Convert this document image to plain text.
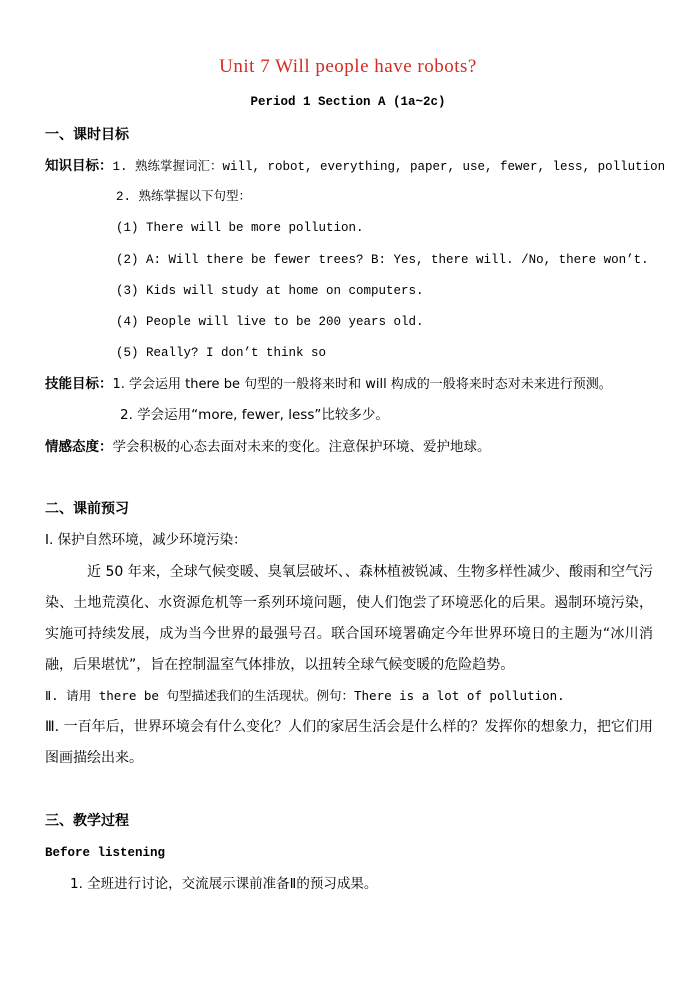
Unit 7 Will people have robots?
Period 1 Section A (1a~2c)
一、课时目标
知识目标：1. 熟练掌握词汇：will, robot, everything, paper, use, fewer, less, pollution
2. 熟练掌握以下句型：
(1) There will be more pollution.
(2) A: Will there be fewer trees? B: Yes, there will. /No, there won’t.
(3) Kids will study at home on computers.
(4) People will live to be 200 years old.
(5) Really? I don’t think so
技能目标：1. 学会运用 there be 句型的一般将来时和 will 构成的一般将来时态对未来进行预测。
2. 学会运用“more, fewer, less”比较多少。
情感态度：学会积极的心态去面对未来的变化。注意保护环境、爱护地球。
二、课前预习
Ⅰ. 保护自然环境，减少环境污染：
近 50 年来，全球气候变暖、臭氧层破坏、、森林植被锐减、生物多样性减少、酸雨和空气污染、土地荒漠化、水资源危机等一系列环境问题，使人们饱尝了环境恶化的后果。遏制环境污染，实施可持续发展，成为当今世界的最强号召。联合国环境署确定今年世界环境日的主题为“冰川消融，后果堪忧”，旨在控制温室气体排放，以扭转全球气候变暖的危险趋势。
Ⅱ. 请用 there be 句型描述我们的生活现状。例句：There is a lot of pollution.
Ⅲ. 一百年后，世界环境会有什么变化？人们的家居生活会是什么样的？发挥你的想象力，把它们用图画描绘出来。
三、教学过程
Before listening
1. 全班进行讨论，交流展示课前准备Ⅱ的预习成果。
